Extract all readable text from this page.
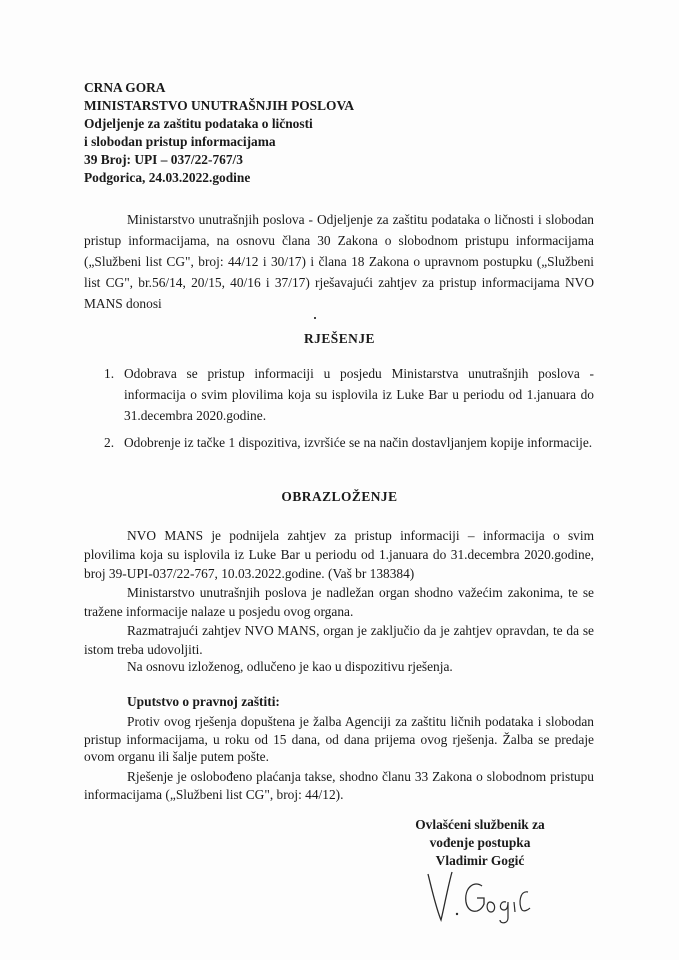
CRNA GORA
MINISTARSTVO UNUTRAŠNJIH POSLOVA
Odjeljenje za zaštitu podataka o ličnosti
i slobodan pristup informacijama
39 Broj: UPI – 037/22-767/3
Podgorica, 24.03.2022.godine
Ministarstvo unutrašnjih poslova - Odjeljenje za zaštitu podataka o ličnosti i slobodan pristup informacijama, na osnovu člana 30 Zakona o slobodnom pristupu informacijama („Službeni list CG", broj: 44/12 i 30/17) i člana 18 Zakona o upravnom postupku („Službeni list CG", br.56/14, 20/15, 40/16 i 37/17) rješavajući zahtjev za pristup informacijama NVO MANS donosi
RJEŠENJE
1. Odobrava se pristup informaciji u posjedu Ministarstva unutrašnjih poslova - informacija o svim plovilima koja su isplovila iz Luke Bar u periodu od 1.januara do 31.decembra 2020.godine.
2. Odobrenje iz tačke 1 dispozitiva, izvršiće se na način dostavljanjem kopije informacije.
OBRAZLOŽENJE
NVO MANS je podnijela zahtjev za pristup informaciji – informacija o svim plovilima koja su isplovila iz Luke Bar u periodu od 1.januara do 31.decembra 2020.godine, broj 39-UPI-037/22-767, 10.03.2022.godine. (Vaš br 138384)
Ministarstvo unutrašnjih poslova je nadležan organ shodno važećim zakonima, te se tražene informacije nalaze u posjedu ovog organa.
Razmatrajući zahtjev NVO MANS, organ je zaključio da je zahtjev opravdan, te da se istom treba udovoljiti.
Na osnovu izloženog, odlučeno je kao u dispozitivu rješenja.
Uputstvo o pravnoj zaštiti:
Protiv ovog rješenja dopuštena je žalba Agenciji za zaštitu ličnih podataka i slobodan pristup informacijama, u roku od 15 dana, od dana prijema ovog rješenja. Žalba se predaje ovom organu ili šalje putem pošte.
Rješenje je oslobođeno plaćanja takse, shodno članu 33 Zakona o slobodnom pristupu informacijama („Službeni list CG", broj: 44/12).
Ovlašćeni službenik za
vođenje postupka
Vladimir Gogić
